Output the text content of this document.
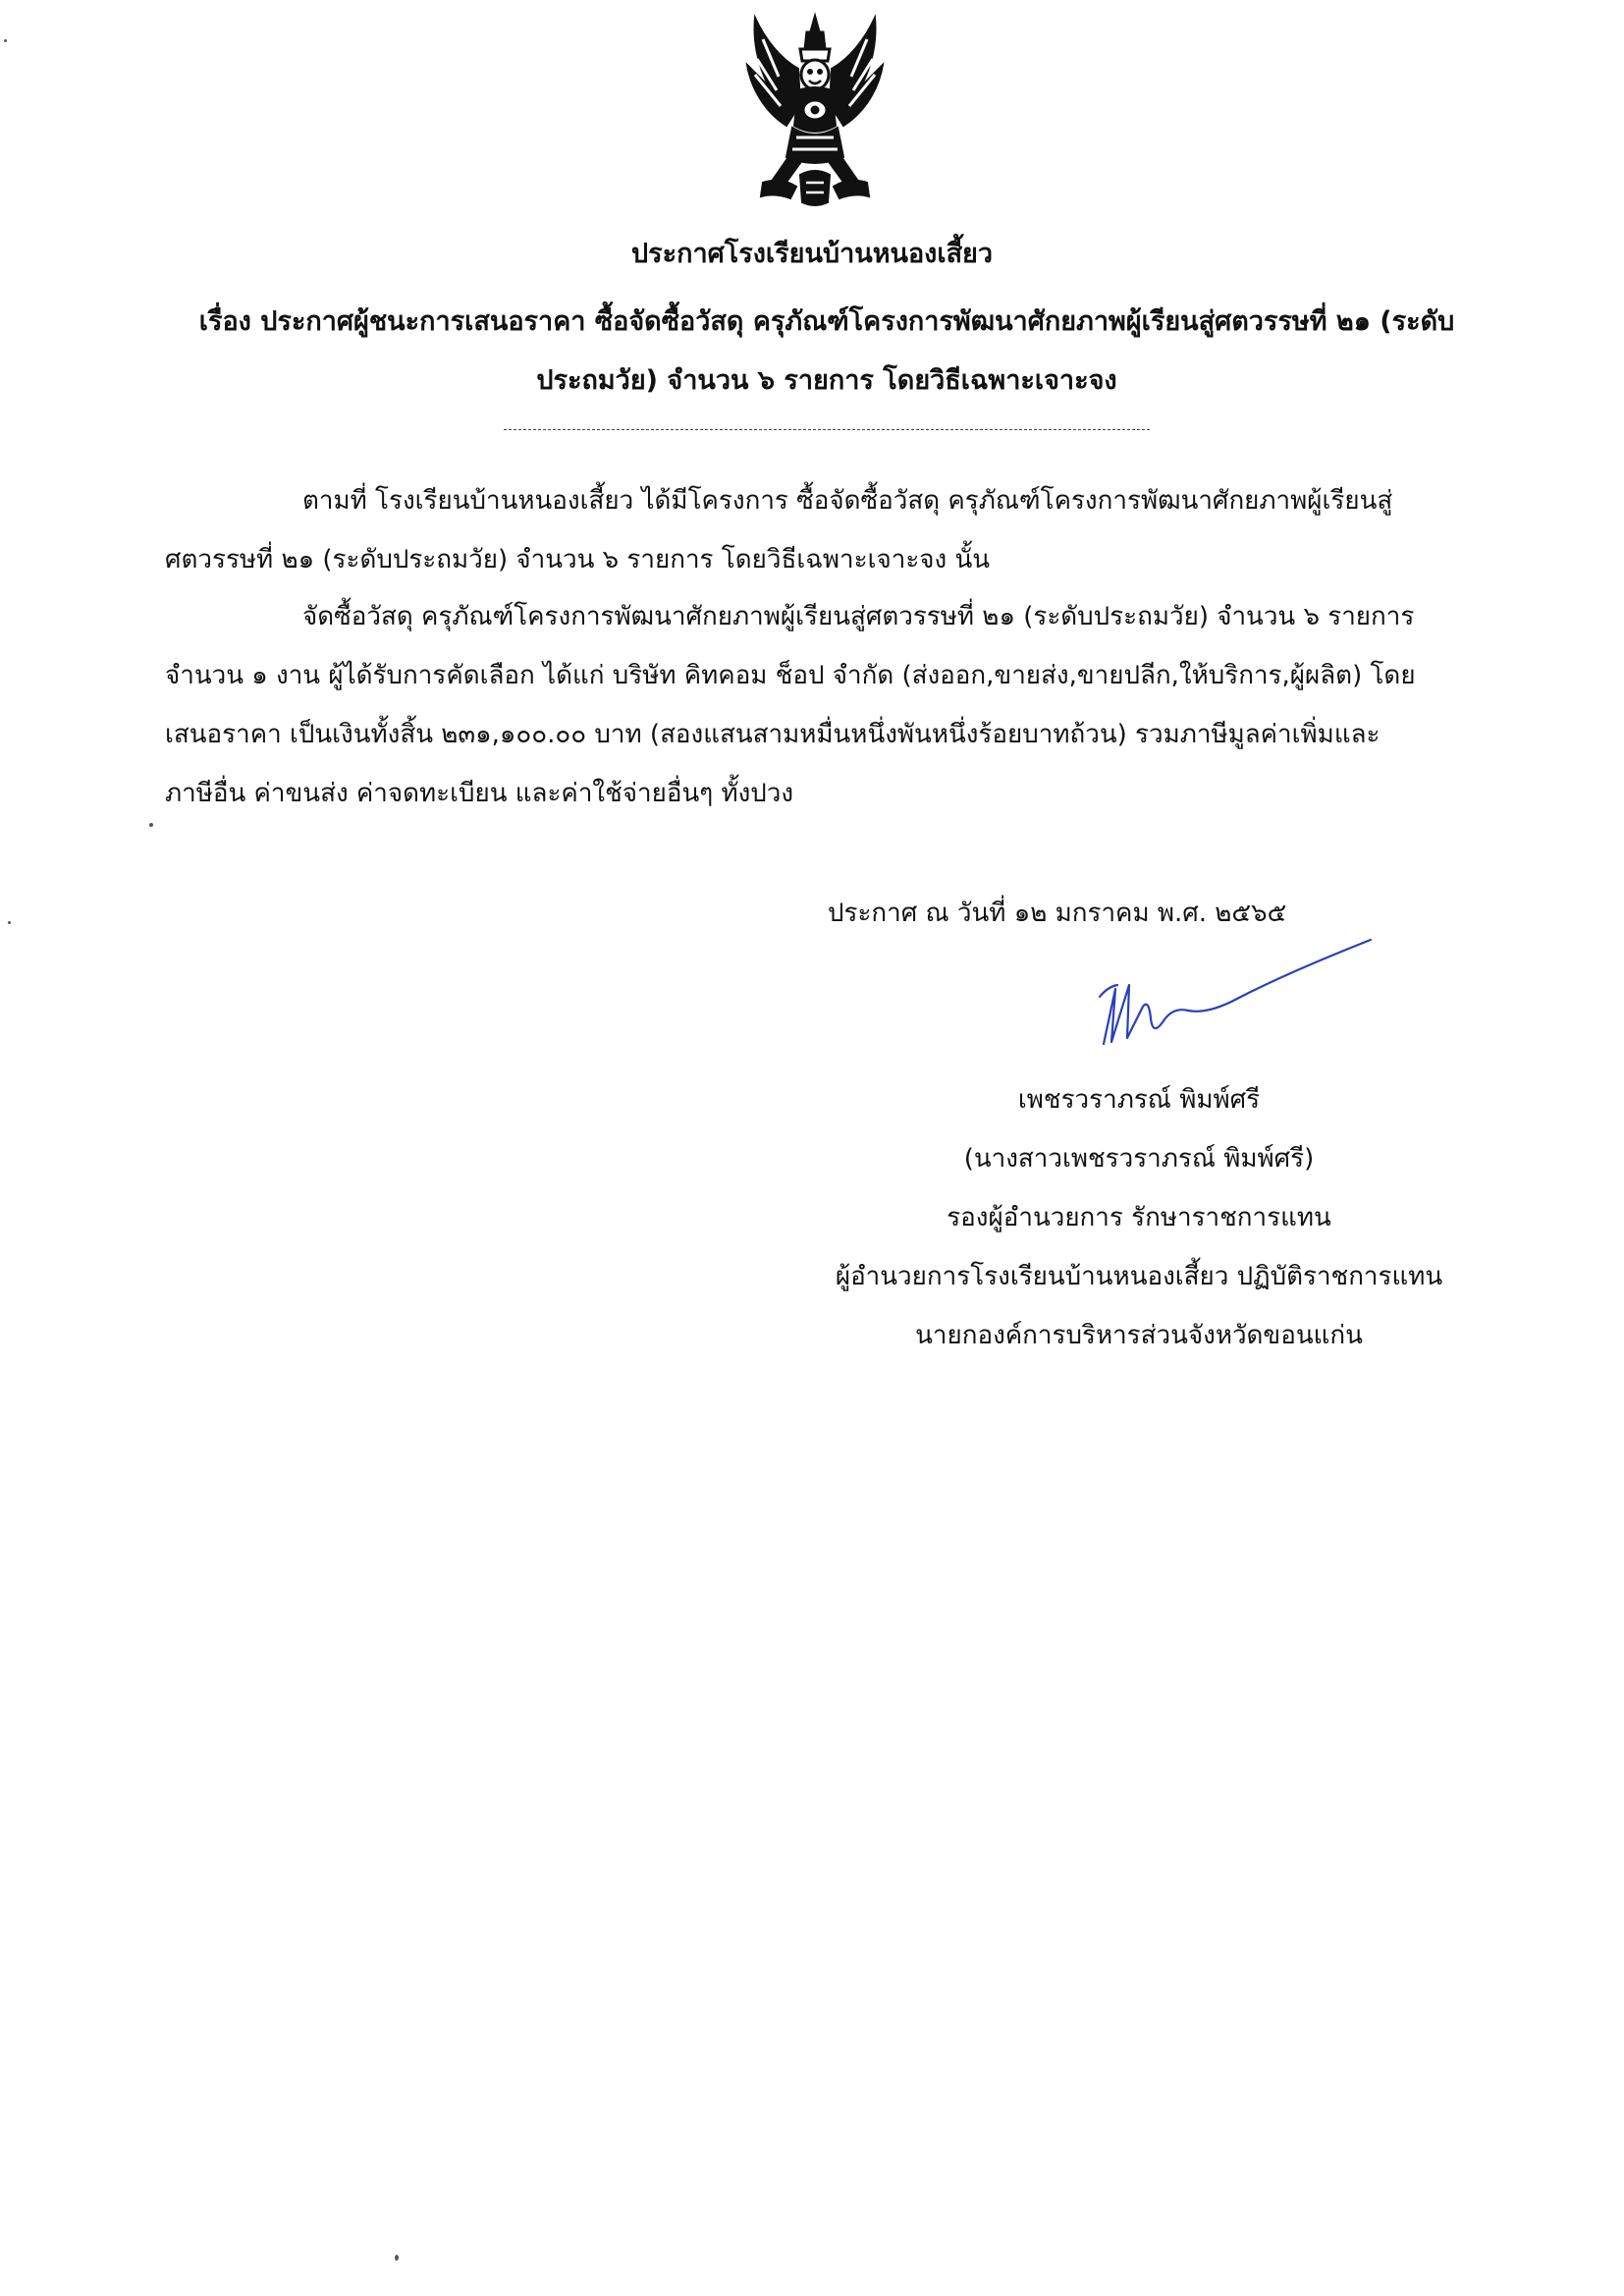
ประกาศโรงเรียนบ้านหนองเสี้ยว
เรื่อง ประกาศผู้ชนะการเสนอราคา ซื้อจัดซื้อวัสดุ ครุภัณฑ์โครงการพัฒนาศักยภาพผู้เรียนสู่ศตวรรษที่ ๒๑ (ระดับ
ประถมวัย) จำนวน ๖ รายการ โดยวิธีเฉพาะเจาะจง
ตามที่ โรงเรียนบ้านหนองเสี้ยว ได้มีโครงการ ซื้อจัดซื้อวัสดุ ครุภัณฑ์โครงการพัฒนาศักยภาพผู้เรียนสู่
ศตวรรษที่ ๒๑ (ระดับประถมวัย) จำนวน ๖ รายการ โดยวิธีเฉพาะเจาะจง นั้น
จัดซื้อวัสดุ ครุภัณฑ์โครงการพัฒนาศักยภาพผู้เรียนสู่ศตวรรษที่ ๒๑ (ระดับประถมวัย) จำนวน ๖ รายการ
จำนวน ๑ งาน ผู้ได้รับการคัดเลือก ได้แก่ บริษัท คิทคอม ช็อป จำกัด (ส่งออก,ขายส่ง,ขายปลีก,ให้บริการ,ผู้ผลิต) โดย
เสนอราคา เป็นเงินทั้งสิ้น ๒๓๑,๑๐๐.๐๐ บาท (สองแสนสามหมื่นหนึ่งพันหนึ่งร้อยบาทถ้วน) รวมภาษีมูลค่าเพิ่มและ
ภาษีอื่น ค่าขนส่ง ค่าจดทะเบียน และค่าใช้จ่ายอื่นๆ ทั้งปวง
ประกาศ ณ วันที่ ๑๒ มกราคม พ.ศ. ๒๕๖๕
เพชรวราภรณ์ พิมพ์ศรี
(นางสาวเพชรวราภรณ์ พิมพ์ศรี)
รองผู้อำนวยการ รักษาราชการแทน
ผู้อำนวยการโรงเรียนบ้านหนองเสี้ยว ปฏิบัติราชการแทน
นายกองค์การบริหารส่วนจังหวัดขอนแก่น
